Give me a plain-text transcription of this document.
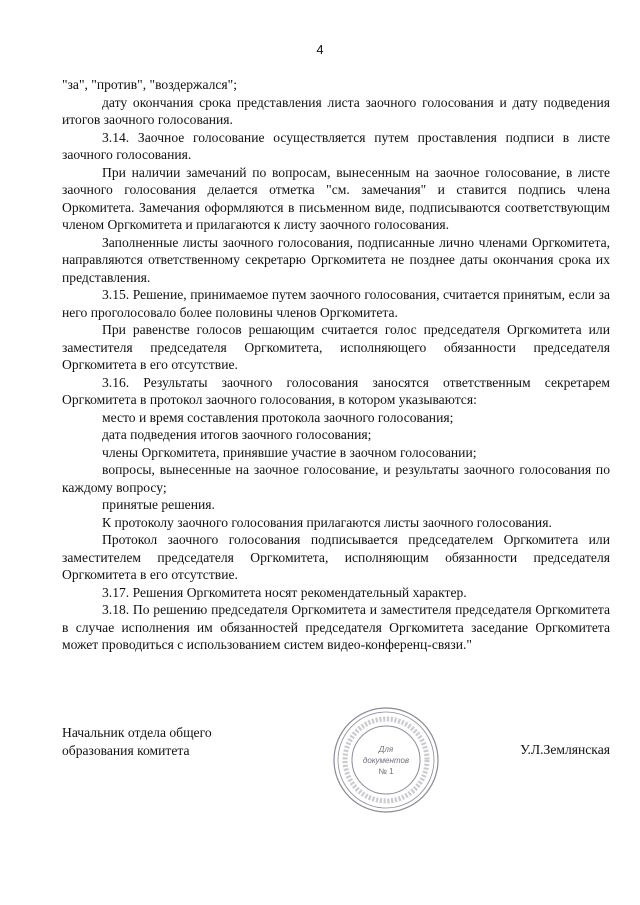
4

"за", "против", "воздержался";

дату окончания срока представления листа заочного голосования и дату подведения итогов заочного голосования.

3.14. Заочное голосование осуществляется путем проставления подписи в листе заочного голосования.

При наличии замечаний по вопросам, вынесенным на заочное голосование, в листе заочного голосования делается отметка "см. замечания" и ставится подпись члена Оркомитета. Замечания оформляются в письменном виде, подписываются соответствующим членом Оргкомитета и прилагаются к листу заочного голосования.

Заполненные листы заочного голосования, подписанные лично членами Оргкомитета, направляются ответственному секретарю Оргкомитета не позднее даты окончания срока их представления.

3.15. Решение, принимаемое путем заочного голосования, считается принятым, если за него проголосовало более половины членов Оргкомитета.

При равенстве голосов решающим считается голос председателя Оргкомитета или заместителя председателя Оргкомитета, исполняющего обязанности председателя Оргкомитета в его отсутствие.

3.16. Результаты заочного голосования заносятся ответственным секретарем Оргкомитета в протокол заочного голосования, в котором указываются:

место и время составления протокола заочного голосования;

дата подведения итогов заочного голосования;

члены Оргкомитета, принявшие участие в заочном голосовании;

вопросы, вынесенные на заочное голосование, и результаты заочного голосования по каждому вопросу;

принятые решения.

К протоколу заочного голосования прилагаются листы заочного голосования.

Протокол заочного голосования подписывается председателем Оргкомитета или заместителем председателя Оргкомитета, исполняющим обязанности председателя Оргкомитета в его отсутствие.

3.17. Решения Оргкомитета носят рекомендательный характер.

3.18. По решению председателя Оргкомитета и заместителя председателя Оргкомитета в случае исполнения им обязанностей председателя Оргкомитета заседание Оргкомитета может проводиться с использованием систем видео-конференц-связи."

Начальник отдела общего
образования комитета	Для
документов
№ 1
У.Л.Землянская
